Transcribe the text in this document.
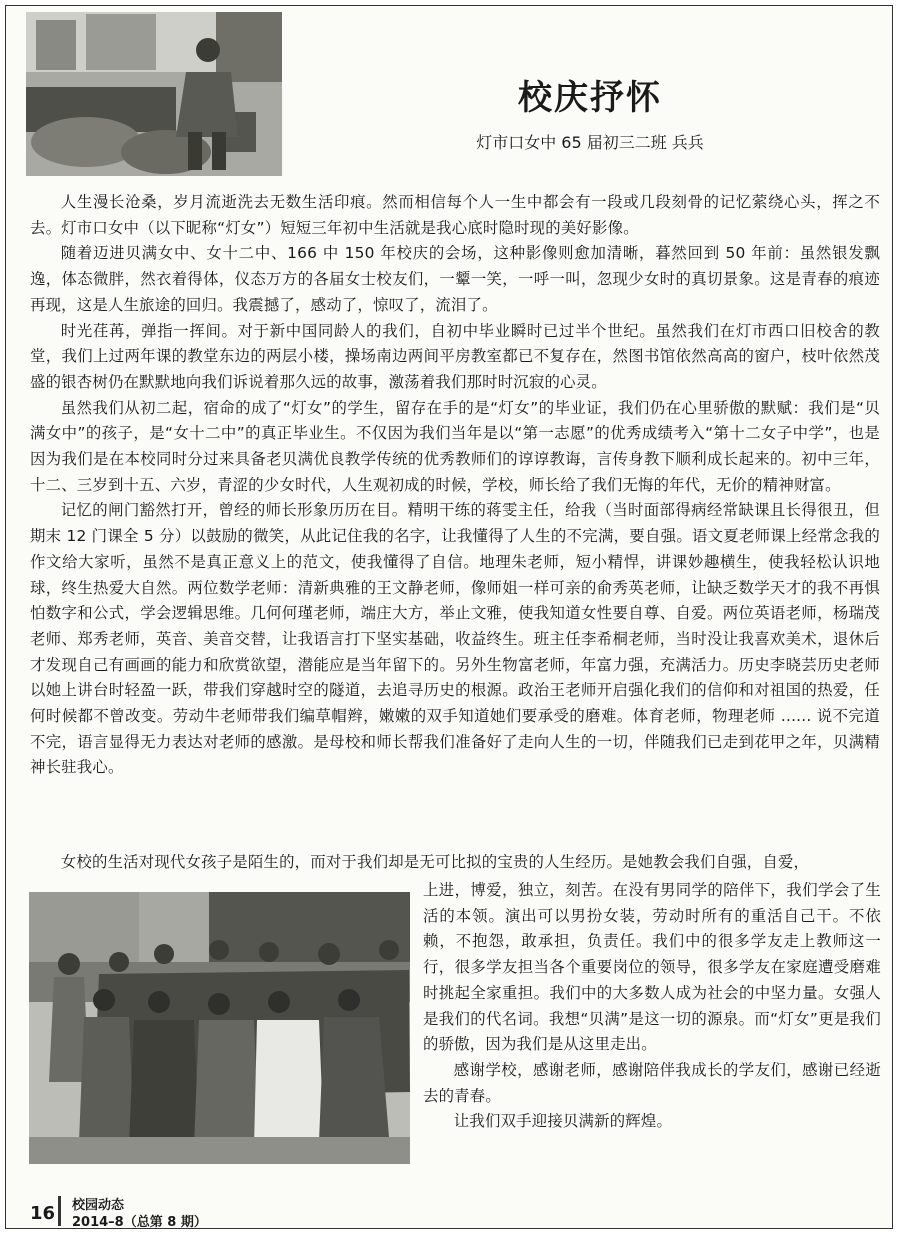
校庆抒怀
灯市口女中 65 届初三二班 兵兵

人生漫长沧桑，岁月流逝洗去无数生活印痕。然而相信每个人一生中都会有一段或几段刻骨的记忆萦绕心头，挥之不去。灯市口女中（以下昵称“灯女”）短短三年初中生活就是我心底时隐时现的美好影像。

随着迈进贝满女中、女十二中、166 中 150 年校庆的会场，这种影像则愈加清晰，暮然回到 50 年前：虽然银发飘逸，体态微胖，然衣着得体，仪态万方的各届女士校友们，一颦一笑，一呼一叫，忽现少女时的真切景象。这是青春的痕迹再现，这是人生旅途的回归。我震撼了，感动了，惊叹了，流泪了。

时光荏苒，弹指一挥间。对于新中国同龄人的我们，自初中毕业瞬时已过半个世纪。虽然我们在灯市西口旧校舍的教堂，我们上过两年课的教堂东边的两层小楼，操场南边两间平房教室都已不复存在，然图书馆依然高高的窗户，枝叶依然茂盛的银杏树仍在默默地向我们诉说着那久远的故事，激荡着我们那时时沉寂的心灵。

虽然我们从初二起，宿命的成了“灯女”的学生，留存在手的是“灯女”的毕业证，我们仍在心里骄傲的默赋：我们是“贝满女中”的孩子，是“女十二中”的真正毕业生。不仅因为我们当年是以“第一志愿”的优秀成绩考入“第十二女子中学”，也是因为我们是在本校同时分过来具备老贝满优良教学传统的优秀教师们的谆谆教诲，言传身教下顺利成长起来的。初中三年，十二、三岁到十五、六岁，青涩的少女时代，人生观初成的时候，学校，师长给了我们无悔的年代，无价的精神财富。

记忆的闸门豁然打开，曾经的师长形象历历在目。精明干练的蒋雯主任，给我（当时面部得病经常缺课且长得很丑，但期末 12 门课全 5 分）以鼓励的微笑，从此记住我的名字，让我懂得了人生的不完满，要自强。语文夏老师课上经常念我的作文给大家听，虽然不是真正意义上的范文，使我懂得了自信。地理朱老师，短小精悍，讲课妙趣横生，使我轻松认识地球，终生热爱大自然。两位数学老师：清新典雅的王文静老师，像师姐一样可亲的俞秀英老师，让缺乏数学天才的我不再惧怕数字和公式，学会逻辑思维。几何何瑾老师，端庄大方，举止文雅，使我知道女性要自尊、自爱。两位英语老师，杨瑞茂老师、郑秀老师，英音、美音交替，让我语言打下坚实基础，收益终生。班主任李希桐老师，当时没让我喜欢美术，退休后才发现自己有画画的能力和欣赏欲望，潜能应是当年留下的。另外生物富老师，年富力强，充满活力。历史李晓芸历史老师以她上讲台时轻盈一跃，带我们穿越时空的隧道，去追寻历史的根源。政治王老师开启强化我们的信仰和对祖国的热爱，任何时候都不曾改变。劳动牛老师带我们编草帽辫，嫩嫩的双手知道她们要承受的磨难。体育老师，物理老师 ...... 说不完道不完，语言显得无力表达对老师的感激。是母校和师长帮我们准备好了走向人生的一切，伴随我们已走到花甲之年，贝满精神长驻我心。

女校的生活对现代女孩子是陌生的，而对于我们却是无可比拟的宝贵的人生经历。是她教会我们自强，自爱，

上进，博爱，独立，刻苦。在没有男同学的陪伴下，我们学会了生活的本领。演出可以男扮女装，劳动时所有的重活自己干。不依赖，不抱怨，敢承担，负责任。我们中的很多学友走上教师这一行，很多学友担当各个重要岗位的领导，很多学友在家庭遭受磨难时挑起全家重担。我们中的大多数人成为社会的中坚力量。女强人是我们的代名词。我想“贝满”是这一切的源泉。而“灯女”更是我们的骄傲，因为我们是从这里走出。

感谢学校，感谢老师，感谢陪伴我成长的学友们，感谢已经逝去的青春。

让我们双手迎接贝满新的辉煌。

16 校园动态
2014–8（总第 8 期）
